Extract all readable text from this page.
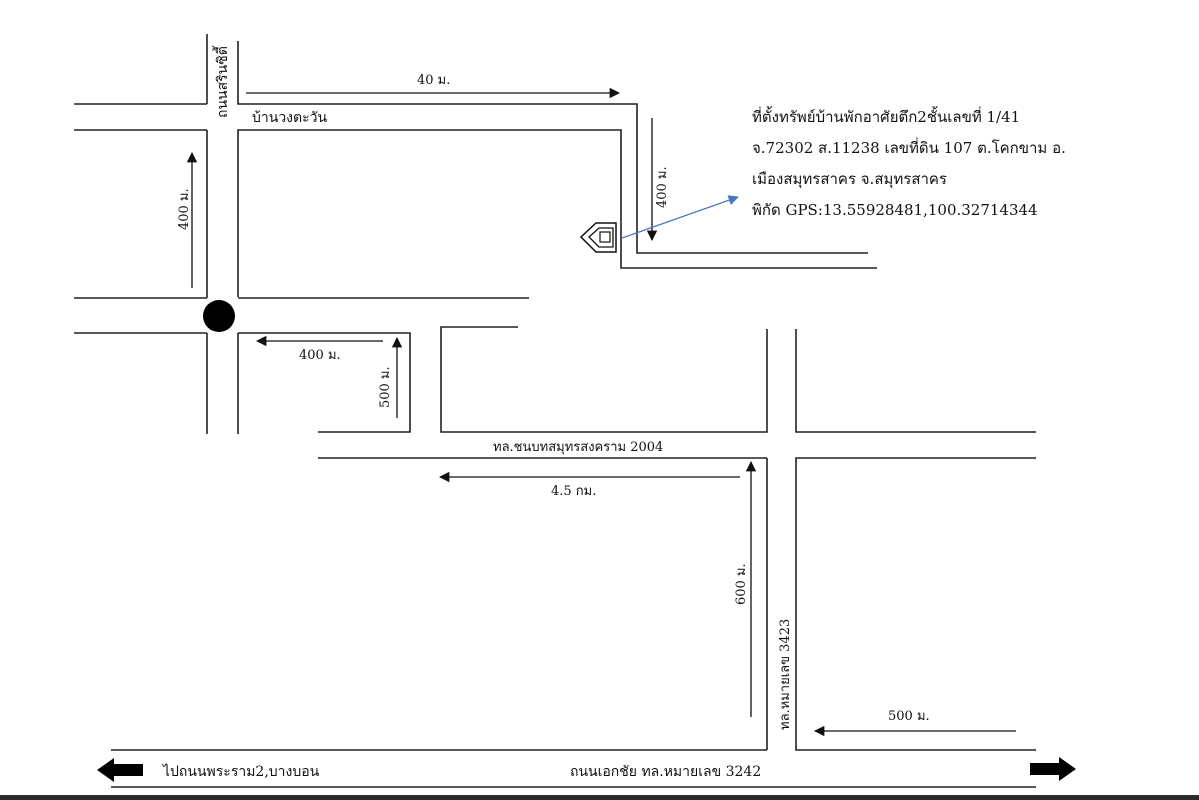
ถนนสรินซิตี้ บ้านวงตะวัน
40 ม.
400 ม.
400 ม.
400 ม.
500 ม.
ทล.ชนบทสมุทรสงคราม 2004
4.5 กม.
600 ม.
ทล.หมายเลข 3423	500 ม.
ไปถนนพระราม2,บางบอน	ถนนเอกชัย ทล.หมายเลข 3242
ที่ตั้งทรัพย์บ้านพักอาศัยตึก2ชั้นเลขที่ 1/41
จ.72302 ส.11238 เลขที่ดิน 107 ต.โคกขาม อ.
เมืองสมุทรสาคร จ.สมุทรสาคร
พิกัด GPS:13.55928481,100.32714344
